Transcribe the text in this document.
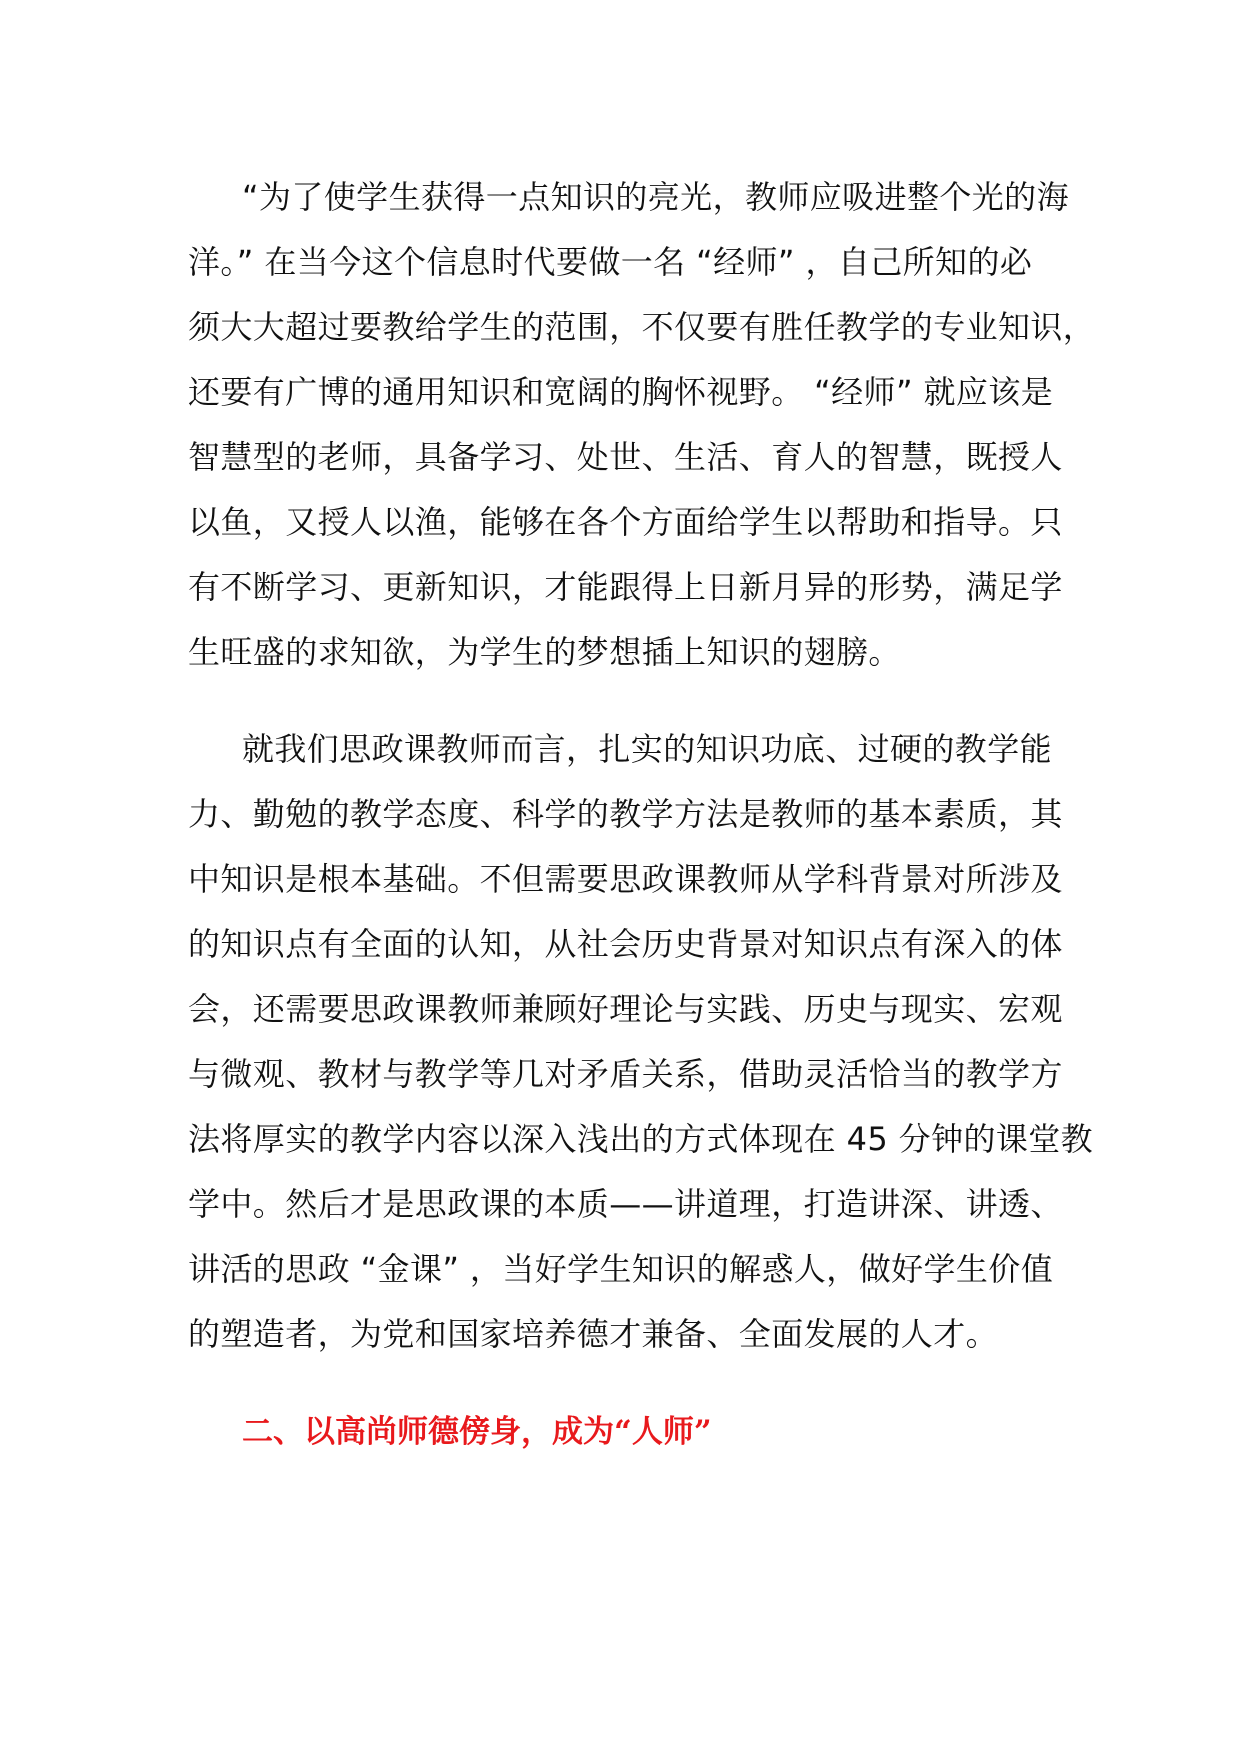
“为了使学生获得一点知识的亮光，教师应吸进整个光的海
洋。” 在当今这个信息时代要做一名 “经师” ，自己所知的必
须大大超过要教给学生的范围，不仅要有胜任教学的专业知识，
还要有广博的通用知识和宽阔的胸怀视野。 “经师” 就应该是
智慧型的老师，具备学习、处世、生活、育人的智慧，既授人
以鱼，又授人以渔，能够在各个方面给学生以帮助和指导。只
有不断学习、更新知识，才能跟得上日新月异的形势，满足学
生旺盛的求知欲，为学生的梦想插上知识的翅膀。
就我们思政课教师而言，扎实的知识功底、过硬的教学能
力、勤勉的教学态度、科学的教学方法是教师的基本素质，其
中知识是根本基础。不但需要思政课教师从学科背景对所涉及
的知识点有全面的认知，从社会历史背景对知识点有深入的体
会，还需要思政课教师兼顾好理论与实践、历史与现实、宏观
与微观、教材与教学等几对矛盾关系，借助灵活恰当的教学方
法将厚实的教学内容以深入浅出的方式体现在 45 分钟的课堂教
学中。然后才是思政课的本质——讲道理，打造讲深、讲透、
讲活的思政 “金课” ，当好学生知识的解惑人，做好学生价值
的塑造者，为党和国家培养德才兼备、全面发展的人才。
二、以高尚师德傍身，成为“人师”
